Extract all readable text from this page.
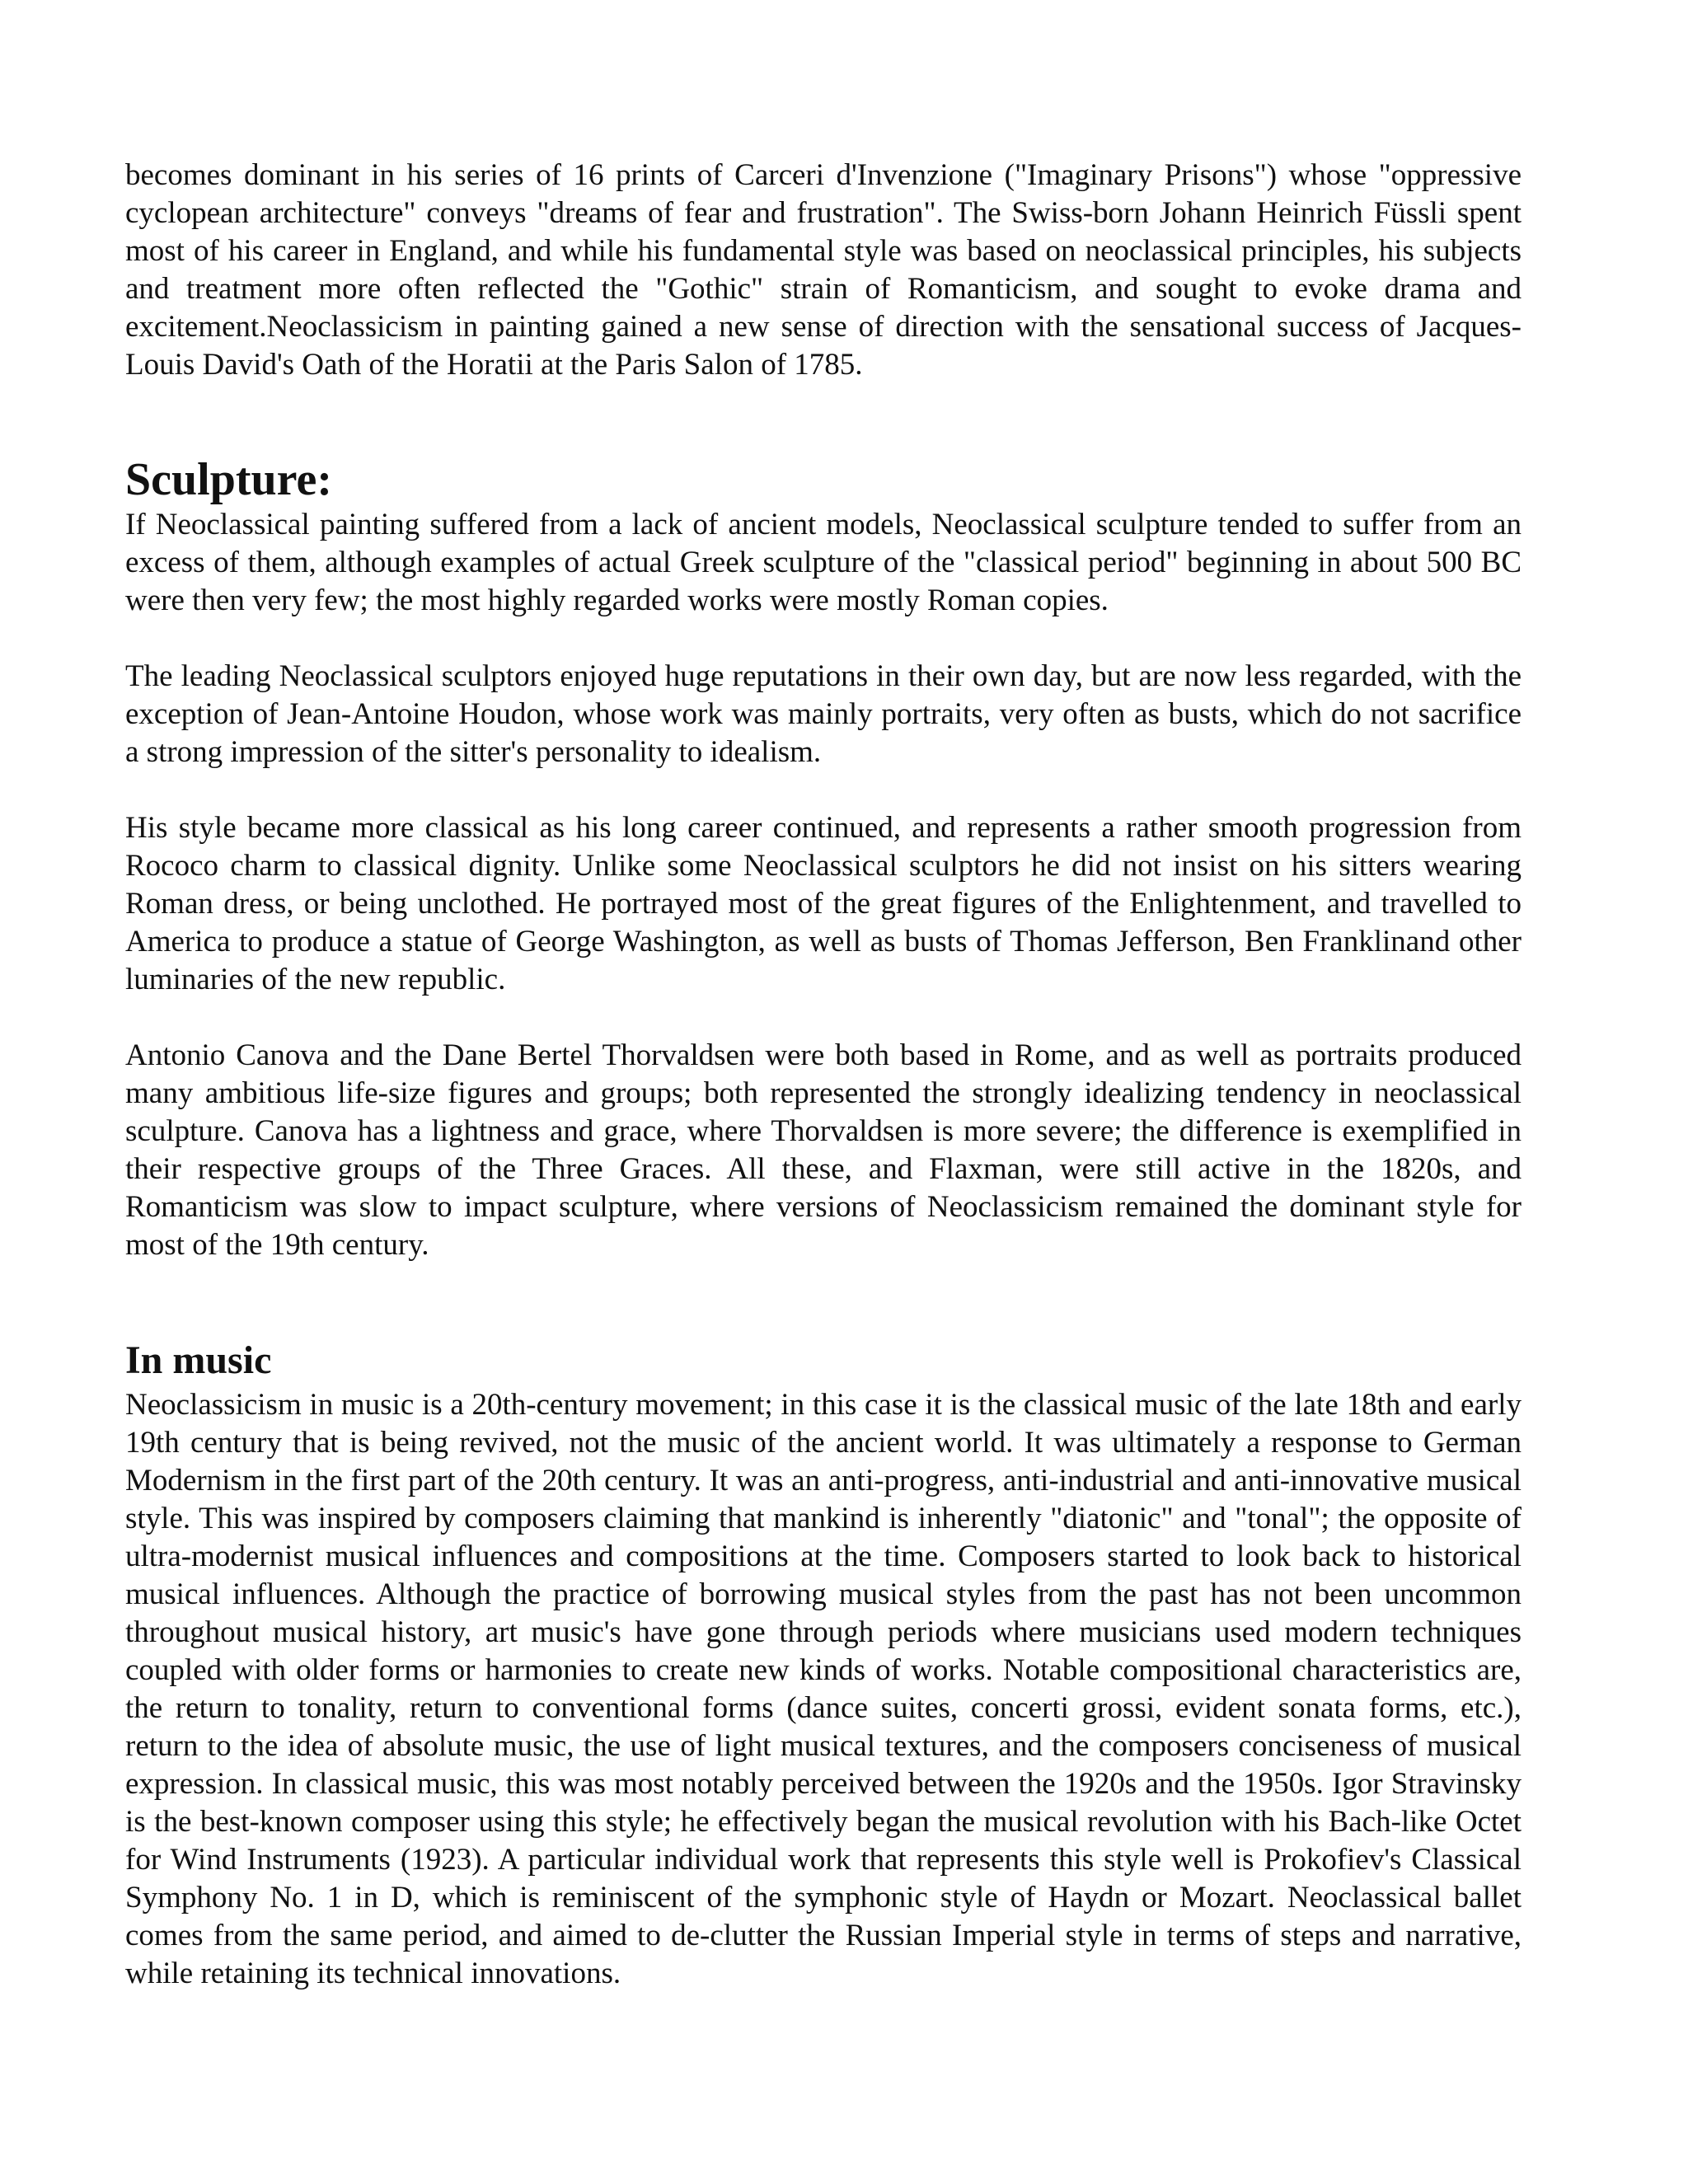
becomes dominant in his series of 16 prints of Carceri d'Invenzione ("Imaginary Prisons") whose "oppressive cyclopean architecture" conveys "dreams of fear and frustration". The Swiss-born Johann Heinrich Füssli spent most of his career in England, and while his fundamental style was based on neoclassical principles, his subjects and treatment more often reflected the "Gothic" strain of Romanticism, and sought to evoke drama and excitement.Neoclassicism in painting gained a new sense of direction with the sensational success of Jacques-Louis David's Oath of the Horatii at the Paris Salon of 1785.

Sculpture:

If Neoclassical painting suffered from a lack of ancient models, Neoclassical sculpture tended to suffer from an excess of them, although examples of actual Greek sculpture of the "classical period" beginning in about 500 BC were then very few; the most highly regarded works were mostly Roman copies.

The leading Neoclassical sculptors enjoyed huge reputations in their own day, but are now less regarded, with the exception of Jean-Antoine Houdon, whose work was mainly portraits, very often as busts, which do not sacrifice a strong impression of the sitter's personality to idealism.

His style became more classical as his long career continued, and represents a rather smooth progression from Rococo charm to classical dignity. Unlike some Neoclassical sculptors he did not insist on his sitters wearing Roman dress, or being unclothed. He portrayed most of the great figures of the Enlightenment, and travelled to America to produce a statue of George Washington, as well as busts of Thomas Jefferson, Ben Franklinand other luminaries of the new republic.

Antonio Canova and the Dane Bertel Thorvaldsen were both based in Rome, and as well as portraits produced many ambitious life-size figures and groups; both represented the strongly idealizing tendency in neoclassical sculpture. Canova has a lightness and grace, where Thorvaldsen is more severe; the difference is exemplified in their respective groups of the Three Graces. All these, and Flaxman, were still active in the 1820s, and Romanticism was slow to impact sculpture, where versions of Neoclassicism remained the dominant style for most of the 19th century.

In music

Neoclassicism in music is a 20th-century movement; in this case it is the classical music of the late 18th and early 19th century that is being revived, not the music of the ancient world. It was ultimately a response to German Modernism in the first part of the 20th century. It was an anti-progress, anti-industrial and anti-innovative musical style. This was inspired by composers claiming that mankind is inherently "diatonic" and "tonal"; the opposite of ultra-modernist musical influences and compositions at the time. Composers started to look back to historical musical influences. Although the practice of borrowing musical styles from the past has not been uncommon throughout musical history, art music's have gone through periods where musicians used modern techniques coupled with older forms or harmonies to create new kinds of works. Notable compositional characteristics are, the return to tonality, return to conventional forms (dance suites, concerti grossi, evident sonata forms, etc.), return to the idea of absolute music, the use of light musical textures, and the composers conciseness of musical expression. In classical music, this was most notably perceived between the 1920s and the 1950s. Igor Stravinsky is the best-known composer using this style; he effectively began the musical revolution with his Bach-like Octet for Wind Instruments (1923). A particular individual work that represents this style well is Prokofiev's Classical Symphony No. 1 in D, which is reminiscent of the symphonic style of Haydn or Mozart. Neoclassical ballet comes from the same period, and aimed to de-clutter the Russian Imperial style in terms of steps and narrative, while retaining its technical innovations.
